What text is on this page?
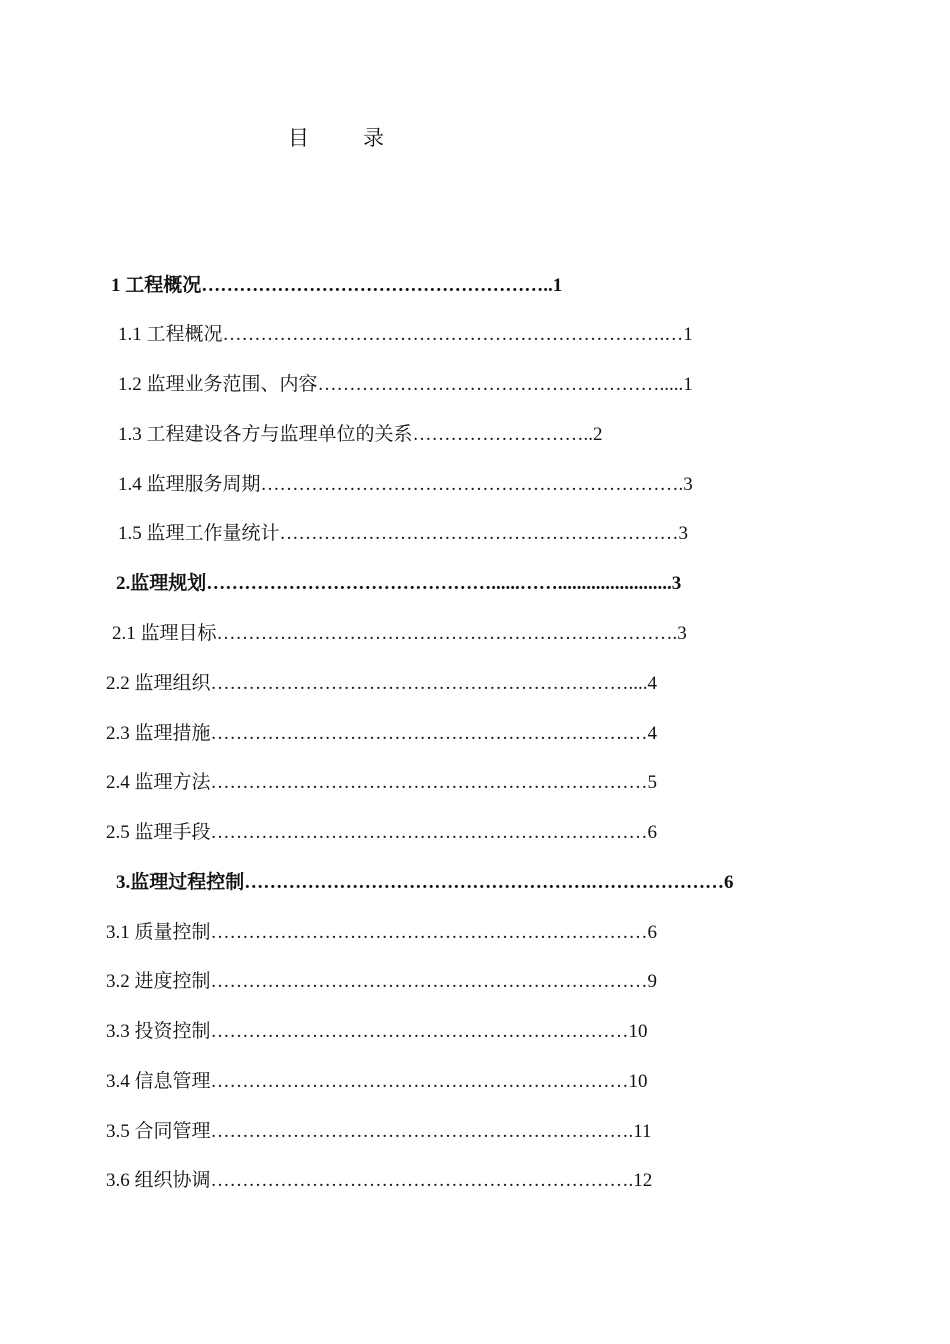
目	录
1 工程概况………………………………………………..1
1.1 工程概况…………………………………………………………….…1
1.2 监理业务范围、内容……………………………………………….....1
1.3 工程建设各方与监理单位的关系………………………..2
1.4 监理服务周期………………………………………………………….3
1.5 监理工作量统计………………………………………………………3
2.监理规划………………………………………......……........................3
2.1 监理目标……………………………………………………………….3
2.2 监理组织…………………………………………………………....4
2.3 监理措施……………………………………………………………4
2.4 监理方法……………………………………………………………5
2.5 监理手段……………………………………………………………6
3.监理过程控制……………………………………………….…………………6
3.1 质量控制……………………………………………………………6
3.2 进度控制……………………………………………………………9
3.3 投资控制…………………………………………………………10
3.4 信息管理…………………………………………………………10
3.5 合同管理………………………………………………………….11
3.6 组织协调………………………………………………………….12
